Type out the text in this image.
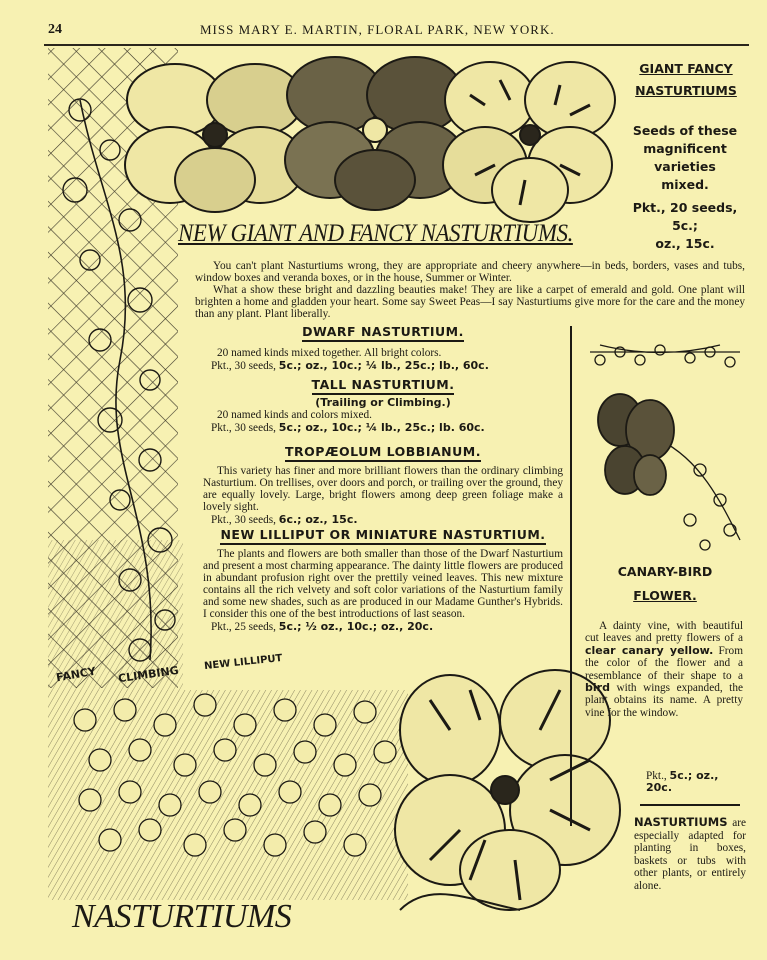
24	MISS MARY E. MARTIN, FLORAL PARK, NEW YORK.
NEW GIANT AND FANCY NASTURTIUMS.
GIANT FANCY
NASTURTIUMS
Seeds of these
magnificent
varieties
mixed.
Pkt., 20 seeds,
5c.;
oz., 15c.

You can't plant Nasturtiums wrong, they are appropriate and cheery anywhere—in beds, borders, vases and tubs, window boxes and veranda boxes, or in the house, Summer or Winter.

What a show these bright and dazzling beauties make! They are like a carpet of emerald and gold. One plant will brighten a home and gladden your heart. Some say Sweet Peas—I say Nasturtiums give more for the care and the money than any plant. Plant liberally.

DWARF NASTURTIUM.

20 named kinds mixed together. All bright colors.

Pkt., 30 seeds, 5c.; oz., 10c.; ¼ lb., 25c.; lb., 60c.
TALL NASTURTIUM.
(Trailing or Climbing.)

20 named kinds and colors mixed.

Pkt., 30 seeds, 5c.; oz., 10c.; ¼ lb., 25c.; lb. 60c.
TROPÆOLUM LOBBIANUM.

This variety has finer and more brilliant flowers than the ordinary climbing Nasturtium. On trellises, over doors and porch, or trailing over the ground, they are equally lovely. Large, bright flowers among deep green foliage make a lovely sight.

Pkt., 30 seeds, 6c.; oz., 15c.
NEW LILLIPUT OR MINIATURE NASTURTIUM.

The plants and flowers are both smaller than those of the Dwarf Nasturtium and present a most charming appearance. The dainty little flowers are produced in abundant profusion right over the prettily veined leaves. This new mixture contains all the rich velvety and soft color variations of the Nasturtium family and some new shades, such as are produced in our Madame Gunther's Hybrids. I consider this one of the best introductions of last season.

Pkt., 25 seeds, 5c.; ½ oz., 10c.; oz., 20c.
CANARY-BIRD
FLOWER.

A dainty vine, with beautiful cut leaves and pretty flowers of a clear canary yellow. From the color of the flower and a resemblance of their shape to a bird with wings expanded, the plant obtains its name. A pretty vine for the window.

Pkt., 5c.; oz., 20c.
NASTURTIUMS are especially adapted for planting in boxes, baskets or tubs with other plants, or entirely alone.
FANCY CLIMBING
NEW LILLIPUT
NASTURTIUMS
